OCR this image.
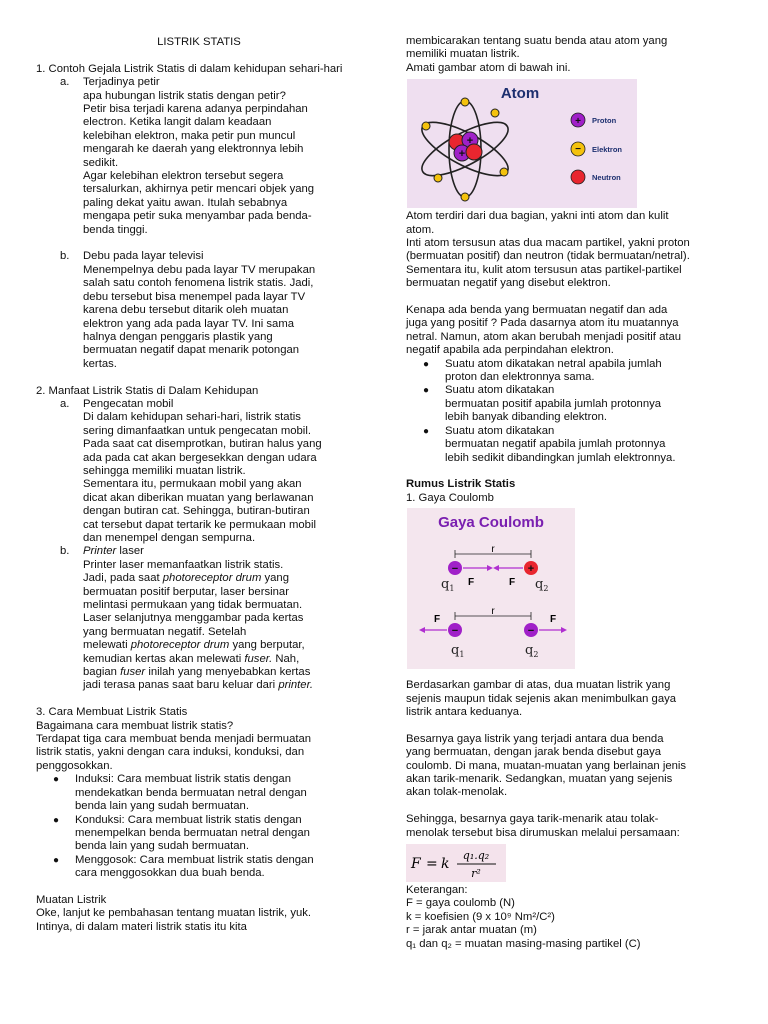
LISTRIK STATIS

1. Contoh Gejala Listrik Statis di dalam kehidupan sehari-hari

a. Terjadinya petir

apa hubungan listrik statis dengan petir?

Petir bisa terjadi karena adanya perpindahan

electron. Ketika langit dalam keadaan

kelebihan elektron, maka petir pun muncul

mengarah ke daerah yang elektronnya lebih

sedikit.

Agar kelebihan elektron tersebut segera

tersalurkan, akhirnya petir mencari objek yang

paling dekat yaitu awan. Itulah sebabnya

mengapa petir suka menyambar pada benda-

benda tinggi.

b. Debu pada layar televisi

Menempelnya debu pada layar TV merupakan

salah satu contoh fenomena listrik statis. Jadi,

debu tersebut bisa menempel pada layar TV

karena debu tersebut ditarik oleh muatan

elektron yang ada pada layar TV. Ini sama

halnya dengan penggaris plastik yang

bermuatan negatif dapat menarik potongan

kertas.

2. Manfaat Listrik Statis di Dalam Kehidupan

a. Pengecatan mobil

Di dalam kehidupan sehari-hari, listrik statis

sering dimanfaatkan untuk pengecatan mobil.

Pada saat cat disemprotkan, butiran halus yang

ada pada cat akan bergesekkan dengan udara

sehingga memiliki muatan listrik.

Sementara itu, permukaan mobil yang akan

dicat akan diberikan muatan yang berlawanan

dengan butiran cat. Sehingga, butiran-butiran

cat tersebut dapat tertarik ke permukaan mobil

dan menempel dengan sempurna.

b. Printer laser

Printer laser memanfaatkan listrik statis.

Jadi, pada saat photoreceptor drum yang

bermuatan positif berputar, laser bersinar

melintasi permukaan yang tidak bermuatan.

Laser selanjutnya menggambar pada kertas

yang bermuatan negatif. Setelah

melewati photoreceptor drum yang berputar,

kemudian kertas akan melewati fuser. Nah,

bagian fuser inilah yang menyebabkan kertas

jadi terasa panas saat baru keluar dari printer.

3. Cara Membuat Listrik Statis

Bagaimana cara membuat listrik statis?

Terdapat tiga cara membuat benda menjadi bermuatan

listrik statis, yakni dengan cara induksi, konduksi, dan

penggosokkan.

● Induksi: Cara membuat listrik statis dengan

mendekatkan benda bermuatan netral dengan

benda lain yang sudah bermuatan.

● Konduksi: Cara membuat listrik statis dengan

menempelkan benda bermuatan netral dengan

benda lain yang sudah bermuatan.

● Menggosok: Cara membuat listrik statis dengan

cara menggosokkan dua buah benda.

Muatan Listrik

Oke, lanjut ke pembahasan tentang muatan listrik, yuk.

Intinya, di dalam materi listrik statis itu kita

membicarakan tentang suatu benda atau atom yang

memiliki muatan listrik.

Amati gambar atom di bawah ini.

Atom
+
+
+ Proton
− Elektron
Neutron

Atom terdiri dari dua bagian, yakni inti atom dan kulit

atom.

Inti atom tersusun atas dua macam partikel, yakni proton

(bermuatan positif) dan neutron (tidak bermuatan/netral).

Sementara itu, kulit atom tersusun atas partikel-partikel

bermuatan negatif yang disebut elektron.

Kenapa ada benda yang bermuatan negatif dan ada

juga yang positif ? Pada dasarnya atom itu muatannya

netral. Namun, atom akan berubah menjadi positif atau

negatif apabila ada perpindahan elektron.

● Suatu atom dikatakan netral apabila jumlah

proton dan elektronnya sama.

● Suatu atom dikatakan

bermuatan positif apabila jumlah protonnya

lebih banyak dibanding elektron.

● Suatu atom dikatakan

bermuatan negatif apabila jumlah protonnya

lebih sedikit dibandingkan jumlah elektronnya.

Rumus Listrik Statis

1. Gaya Coulomb

Gaya Coulomb
r
−	+
F	F
$q_1$	$q_2$
r
−	−
F	F
$q_1$	$q_2$

Berdasarkan gambar di atas, dua muatan listrik yang

sejenis maupun tidak sejenis akan menimbulkan gaya

listrik antara keduanya.

Besarnya gaya listrik yang terjadi antara dua benda

yang bermuatan, dengan jarak benda disebut gaya

coulomb. Di mana, muatan-muatan yang berlainan jenis

akan tarik-menarik. Sedangkan, muatan yang sejenis

akan tolak-menolak.

Sehingga, besarnya gaya tarik-menarik atau tolak-

menolak tersebut bisa dirumuskan melalui persamaan:

F = k
q₁.q₂
r²

Keterangan:

F = gaya coulomb (N)

k = koefisien (9 x 10⁹ Nm²/C²)

r = jarak antar muatan (m)

q₁ dan q₂ = muatan masing-masing partikel (C)
